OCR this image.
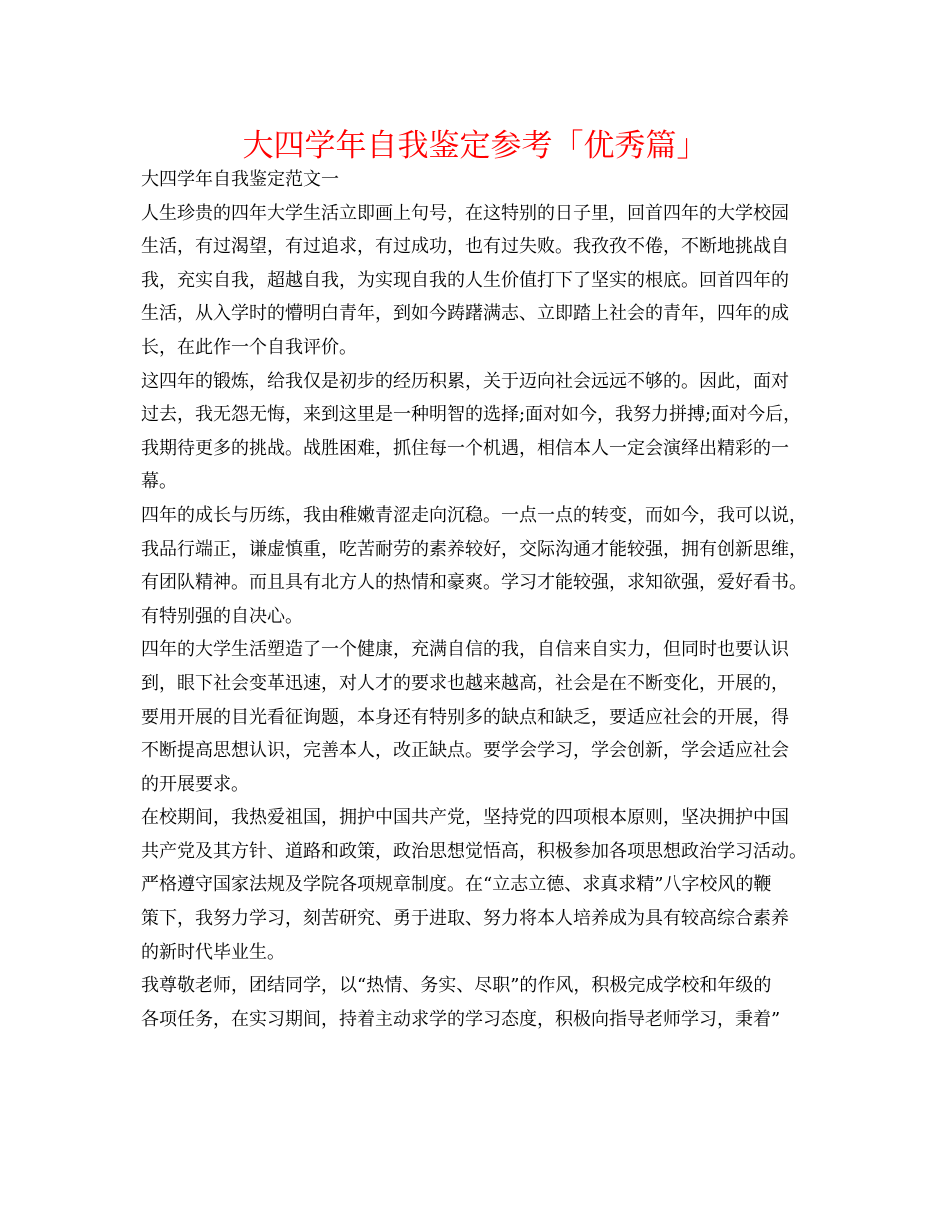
大四学年自我鉴定参考「优秀篇」
大四学年自我鉴定范文一
人生珍贵的四年大学生活立即画上句号，在这特别的日子里，回首四年的大学校园
生活，有过渴望，有过追求，有过成功，也有过失败。我孜孜不倦，不断地挑战自
我，充实自我，超越自我，为实现自我的人生价值打下了坚实的根底。回首四年的
生活，从入学时的懵明白青年，到如今踌躇满志、立即踏上社会的青年，四年的成
长，在此作一个自我评价。
这四年的锻炼，给我仅是初步的经历积累，关于迈向社会远远不够的。因此，面对
过去，我无怨无悔，来到这里是一种明智的选择;面对如今，我努力拼搏;面对今后，
我期待更多的挑战。战胜困难，抓住每一个机遇，相信本人一定会演绎出精彩的一
幕。
四年的成长与历练，我由稚嫩青涩走向沉稳。一点一点的转变，而如今，我可以说，
我品行端正，谦虚慎重，吃苦耐劳的素养较好，交际沟通才能较强，拥有创新思维，
有团队精神。而且具有北方人的热情和豪爽。学习才能较强，求知欲强，爱好看书。
有特别强的自决心。
四年的大学生活塑造了一个健康，充满自信的我，自信来自实力，但同时也要认识
到，眼下社会变革迅速，对人才的要求也越来越高，社会是在不断变化，开展的，
要用开展的目光看征询题，本身还有特别多的缺点和缺乏，要适应社会的开展，得
不断提高思想认识，完善本人，改正缺点。要学会学习，学会创新，学会适应社会
的开展要求。
在校期间，我热爱祖国，拥护中国共产党，坚持党的四项根本原则，坚决拥护中国
共产党及其方针、道路和政策，政治思想觉悟高，积极参加各项思想政治学习活动。
严格遵守国家法规及学院各项规章制度。在“立志立德、求真求精”八字校风的鞭
策下，我努力学习，刻苦研究、勇于进取、努力将本人培养成为具有较高综合素养
的新时代毕业生。
我尊敬老师，团结同学，以“热情、务实、尽职”的作风，积极完成学校和年级的
各项任务，在实习期间，持着主动求学的学习态度，积极向指导老师学习，秉着”
